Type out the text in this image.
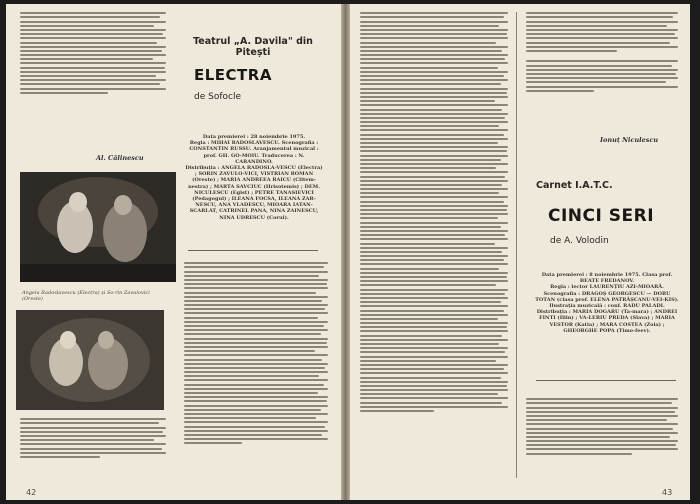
Al. Călinescu
Teatrul „A. Davila" din Pitești
ELECTRA
de Sofocle
Data premierei : 28 noiembrie 1975.
Regia : MIHAI RADOSLAVESCU. Scenografia : CONSTANTIN RUSSU. Aranjamentul muzical : prof. GH. GO-MOIU. Traducerea : N. CARANDINO.
Distribuția : ANGELA RADOSLA-VESCU (Electra) ; SORIN ZAVULO-VICI, VISTRIAN ROMAN (Oreste) ; MARIA ANDREEA RAICU (Clitem-nestra) ; MARTA SAVCIUC (Hrisotemis) ; DEM. NICULESCU (Egist) ; PETRE TANASIEVICI (Pedagogul) ; ILEANA FOCSA, ILEANA ZAR-NESCU, ANA VLADESCU, MIOARA IATAN-SCARLAT, CATRINEL PANA, NINA ZAINESCU, NINA UDRESCU (Corul).
Angela Radoslavescu (Electra) și So-rin Zavulovici (Oreste)
42
Ionuț Niculescu
Carnet I.A.T.C.
CINCI SERI
de A. Volodin
Data premierei : 8 noiembrie 1975. Clasa prof. BEATE FREDANOV.
Regia : lector LAURENȚIU AZI-MIOARĂ. Scenografia : DRAGOȘ GEORGESCU — DORU TOTAN (clasa prof. ELENA PATRĂȘCANU-VEI-KIS). Ilustrația muzicală : conf. RADU PALADI.
Distribuția : MARIA DOGARU (Ta-mara) ; ANDREI FINTI (Iliin) ; VA-LERIU PREDA (Slava) ; MARIA VESTOR (Katia) ; MARA COSTEA (Zoia) ; GHEORGHE POPA (Timo-feev).
43
